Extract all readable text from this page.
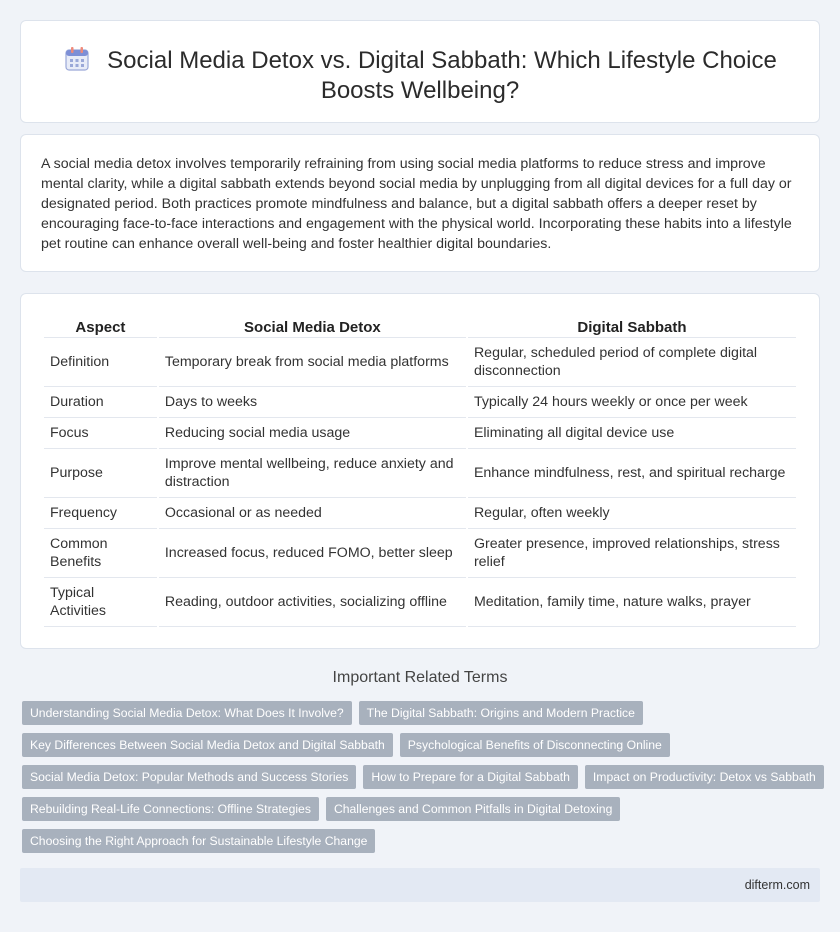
Social Media Detox vs. Digital Sabbath: Which Lifestyle Choice Boosts Wellbeing?

A social media detox involves temporarily refraining from using social media platforms to reduce stress and improve mental clarity, while a digital sabbath extends beyond social media by unplugging from all digital devices for a full day or designated period. Both practices promote mindfulness and balance, but a digital sabbath offers a deeper reset by encouraging face-to-face interactions and engagement with the physical world. Incorporating these habits into a lifestyle pet routine can enhance overall well-being and foster healthier digital boundaries.

Aspect	Social Media Detox	Digital Sabbath
Definition	Temporary break from social media platforms	Regular, scheduled period of complete digital disconnection
Duration	Days to weeks	Typically 24 hours weekly or once per week
Focus	Reducing social media usage	Eliminating all digital device use
Purpose	Improve mental wellbeing, reduce anxiety and distraction	Enhance mindfulness, rest, and spiritual recharge
Frequency	Occasional or as needed	Regular, often weekly
Common Benefits	Increased focus, reduced FOMO, better sleep	Greater presence, improved relationships, stress relief
Typical Activities	Reading, outdoor activities, socializing offline	Meditation, family time, nature walks, prayer
Important Related Terms
Understanding Social Media Detox: What Does It Involve?	The Digital Sabbath: Origins and Modern Practice
Key Differences Between Social Media Detox and Digital Sabbath	Psychological Benefits of Disconnecting Online
Social Media Detox: Popular Methods and Success Stories	How to Prepare for a Digital Sabbath	Impact on Productivity: Detox vs Sabbath
Rebuilding Real-Life Connections: Offline Strategies	Challenges and Common Pitfalls in Digital Detoxing
Choosing the Right Approach for Sustainable Lifestyle Change
difterm.com
